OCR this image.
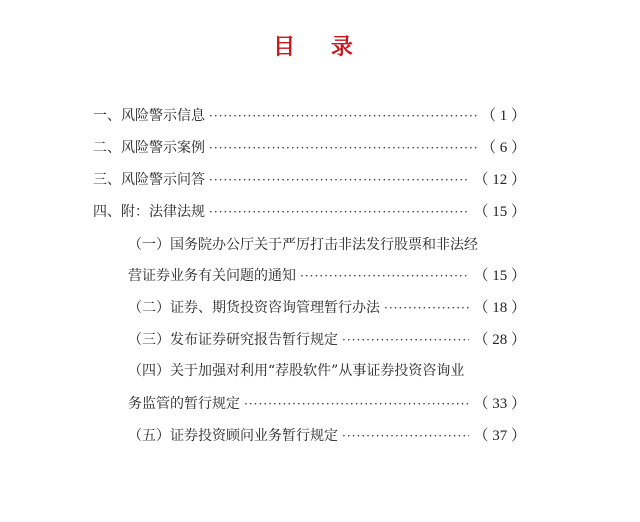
目 录
一、风险警示信息 ·····	（ 1 ）
二、风险警示案例 ·····	（ 6 ）
三、风险警示问答 ·····	（ 12 ）
四、附：法律法规 ·····	（ 15 ）
（一）国务院办公厅关于严厉打击非法发行股票和非法经
营证券业务有关问题的通知 ·····	（ 15 ）
（二）证券、期货投资咨询管理暂行办法 ·····	（ 18 ）
（三）发布证券研究报告暂行规定 ·····	（ 28 ）
（四）关于加强对利用“荐股软件”从事证券投资咨询业
务监管的暂行规定 ·····	（ 33 ）
（五）证券投资顾问业务暂行规定 ·····	（ 37 ）
